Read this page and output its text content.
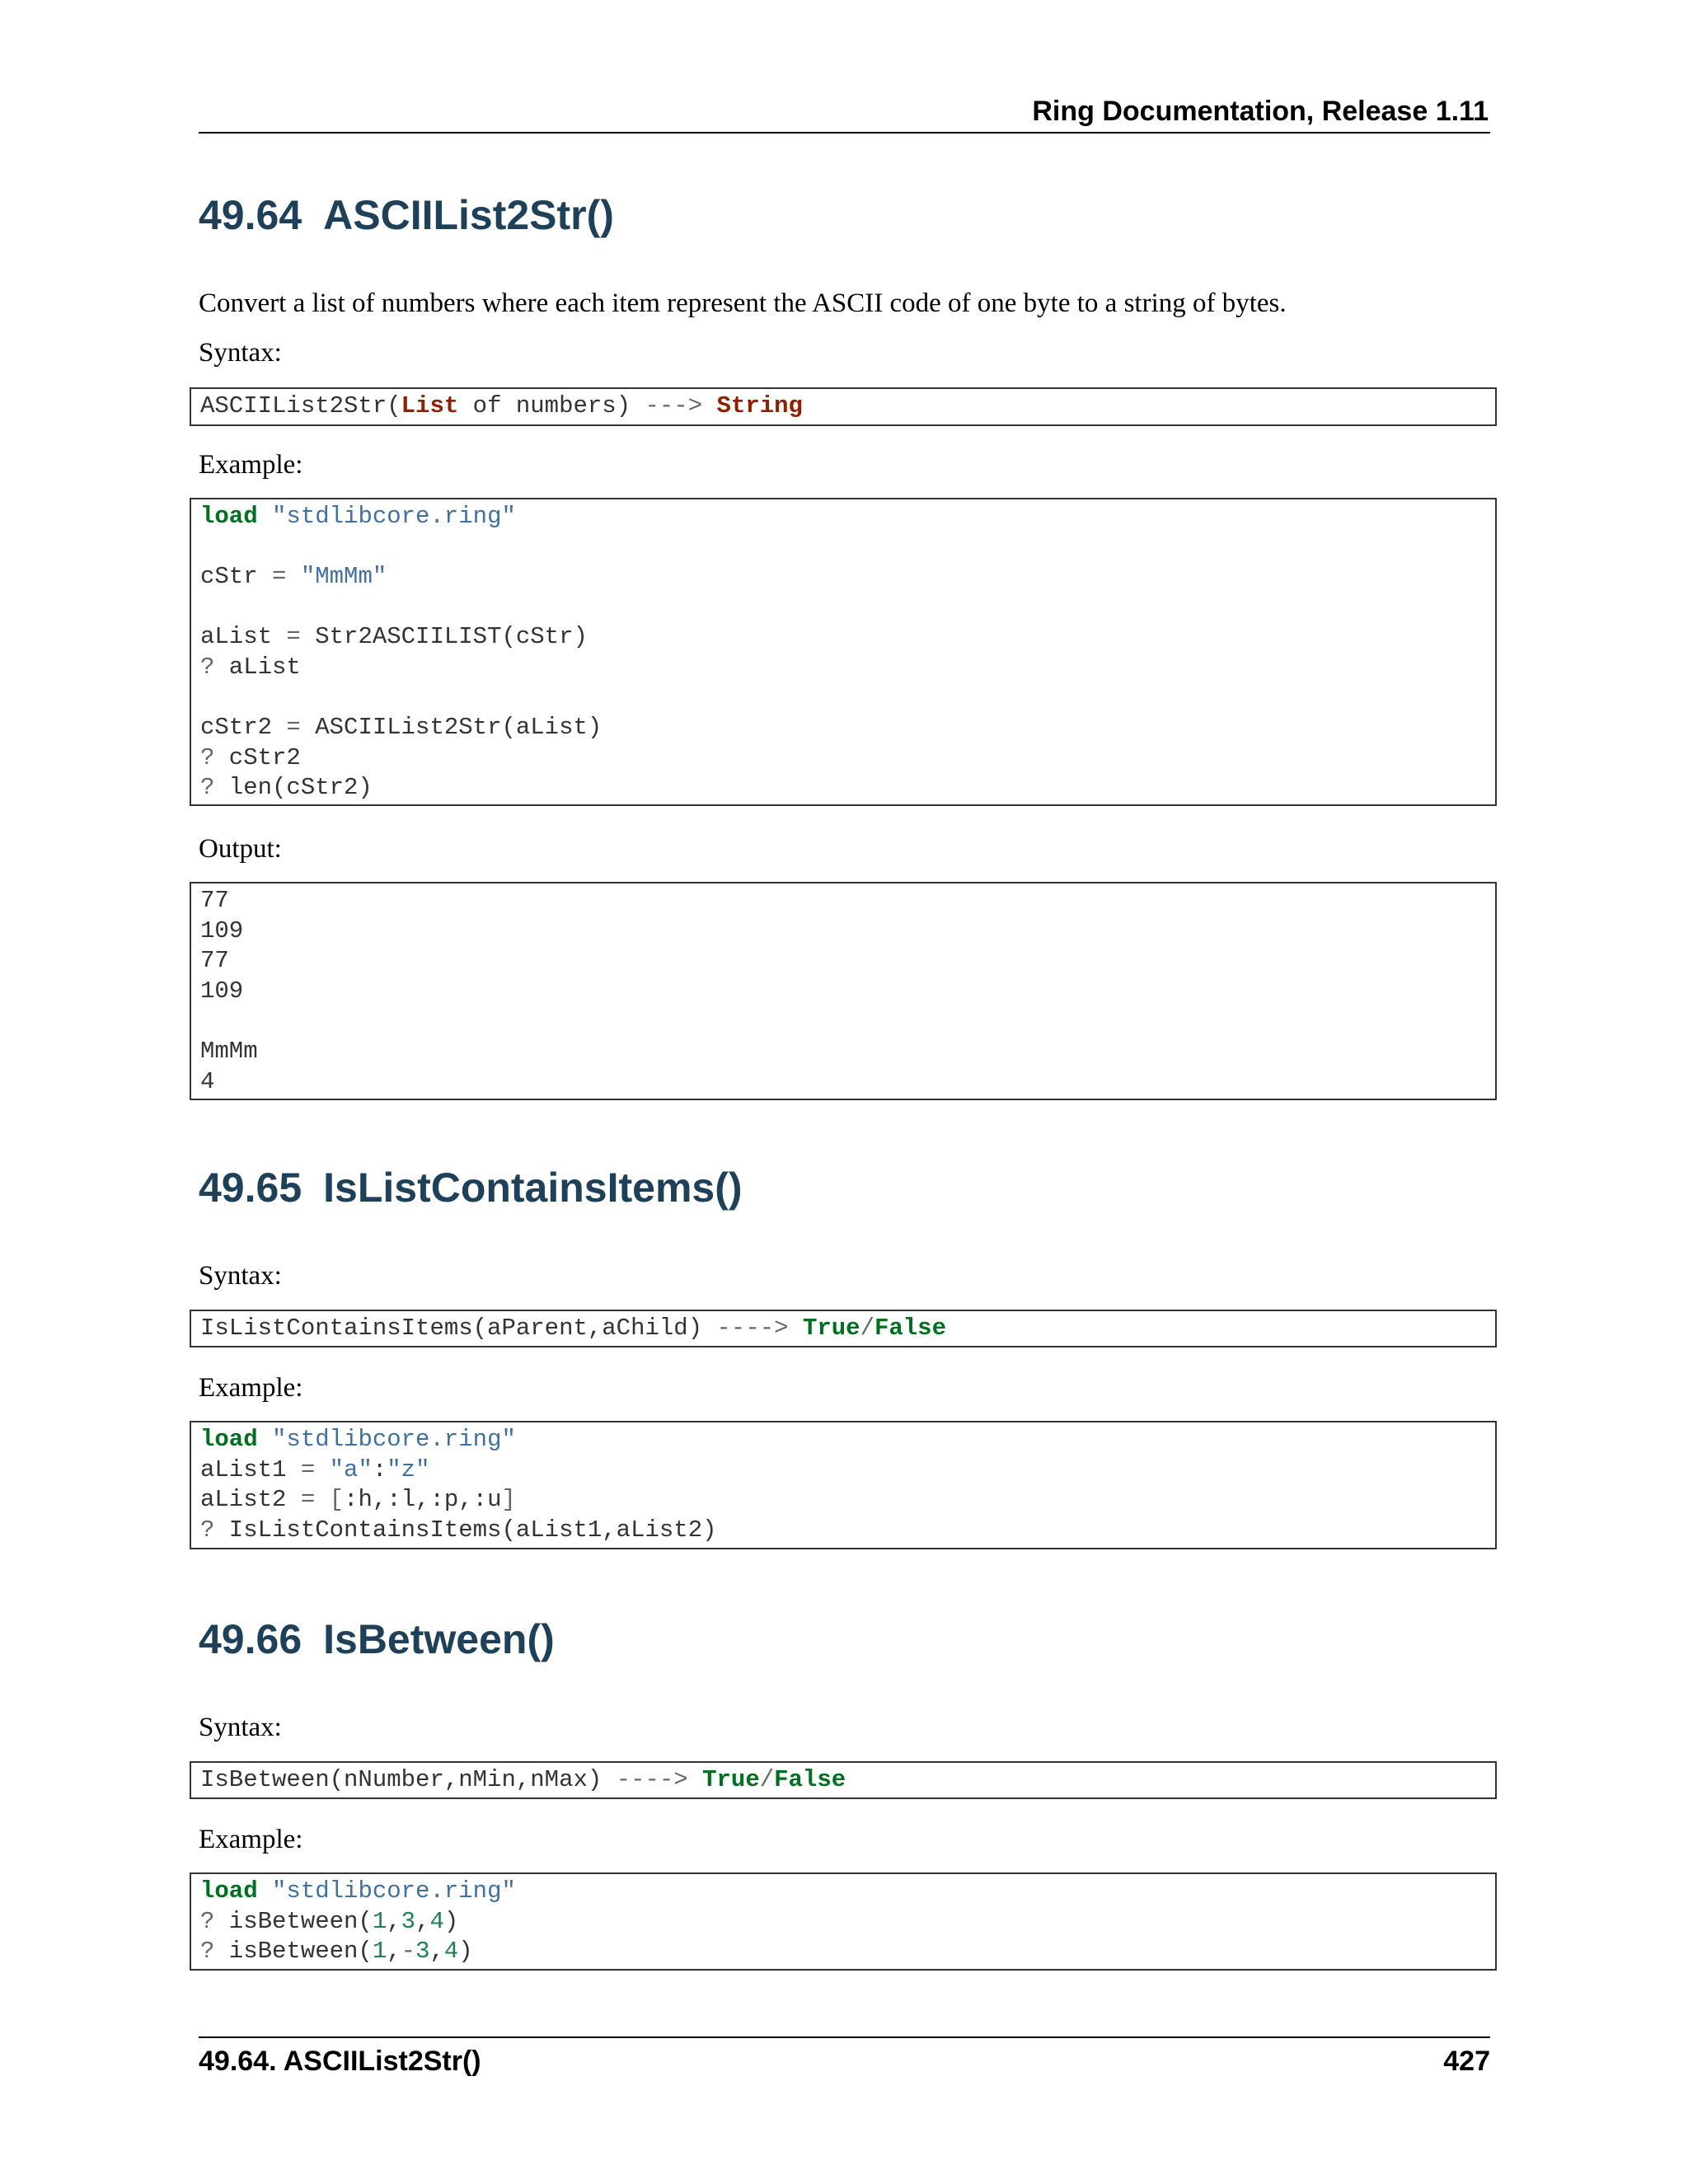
Ring Documentation, Release 1.11
49.64 ASCIIList2Str()

Convert a list of numbers where each item represent the ASCII code of one byte to a string of bytes.

Syntax:

ASCIIList2Str(List of numbers) ---> String

Example:

load "stdlibcore.ring"
cStr = "MmMm"
aList = Str2ASCIILIST(cStr)
? aList
cStr2 = ASCIIList2Str(aList)
? cStr2
? len(cStr2)

Output:

77
109
77
109
MmMm
4
49.65 IsListContainsItems()

Syntax:

IsListContainsItems(aParent,aChild) ----> True/False

Example:

load "stdlibcore.ring"
aList1 = "a":"z"
aList2 = [:h,:l,:p,:u]
? IsListContainsItems(aList1,aList2)
49.66 IsBetween()

Syntax:

IsBetween(nNumber,nMin,nMax) ----> True/False

Example:

load "stdlibcore.ring"
? isBetween(1,3,4)
? isBetween(1,-3,4)
49.64. ASCIIList2Str()	427
